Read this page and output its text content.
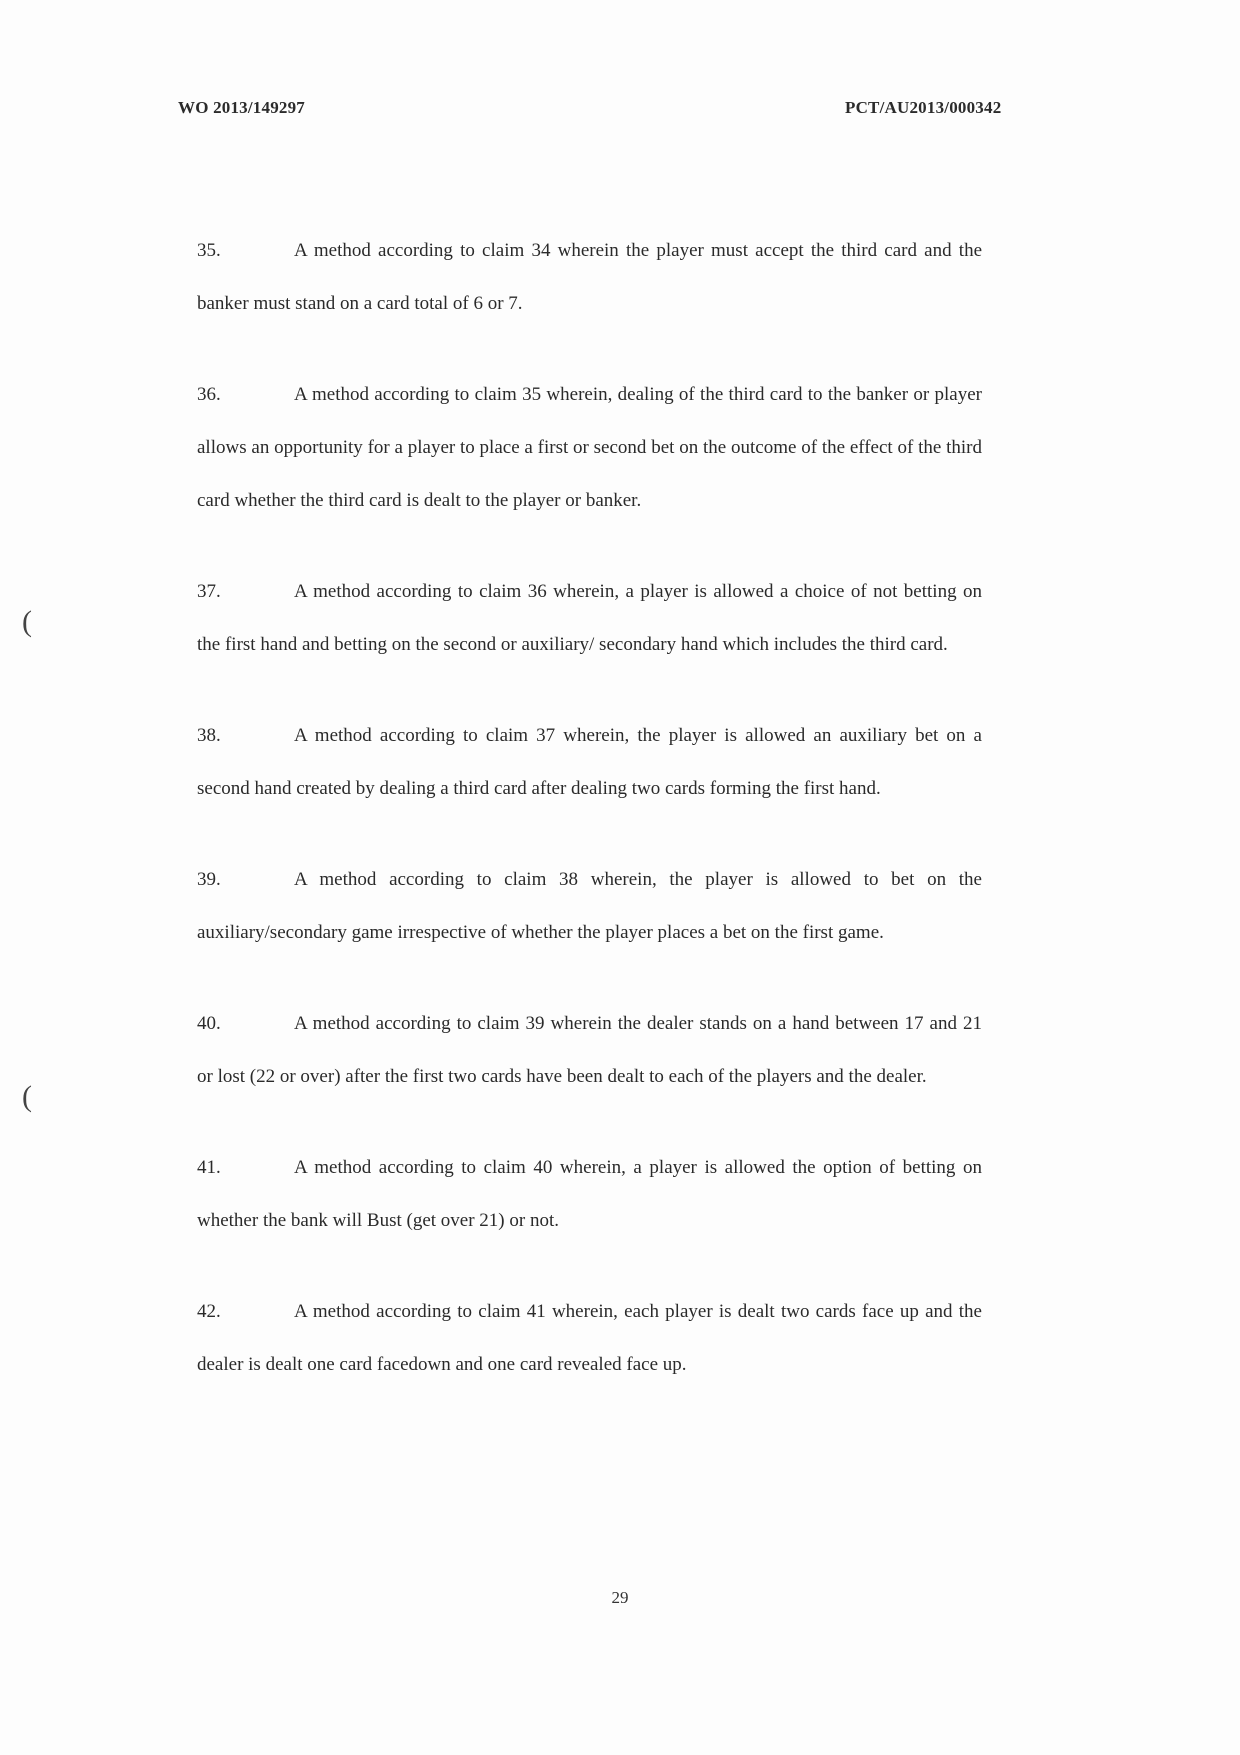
WO 2013/149297	PCT/AU2013/000342
(
(

35.	A method according to claim 34 wherein the player must accept the third card and the banker must stand on a card total of 6 or 7.

36.	A method according to claim 35 wherein, dealing of the third card to the banker or player allows an opportunity for a player to place a first or second bet on the outcome of the effect of the third card whether the third card is dealt to the player or banker.

37.	A method according to claim 36 wherein, a player is allowed a choice of not betting on the first hand and betting on the second or auxiliary/ secondary hand which includes the third card.

38.	A method according to claim 37 wherein, the player is allowed an auxiliary bet on a second hand created by dealing a third card after dealing two cards forming the first hand.

39.	A method according to claim 38 wherein, the player is allowed to bet on the auxiliary/secondary game irrespective of whether the player places a bet on the first game.

40.	A method according to claim 39 wherein the dealer stands on a hand between 17 and 21 or lost (22 or over) after the first two cards have been dealt to each of the players and the dealer.

41.	A method according to claim 40 wherein, a player is allowed the option of betting on whether the bank will Bust (get over 21) or not.

42.	A method according to claim 41 wherein, each player is dealt two cards face up and the dealer is dealt one card facedown and one card revealed face up.

29
